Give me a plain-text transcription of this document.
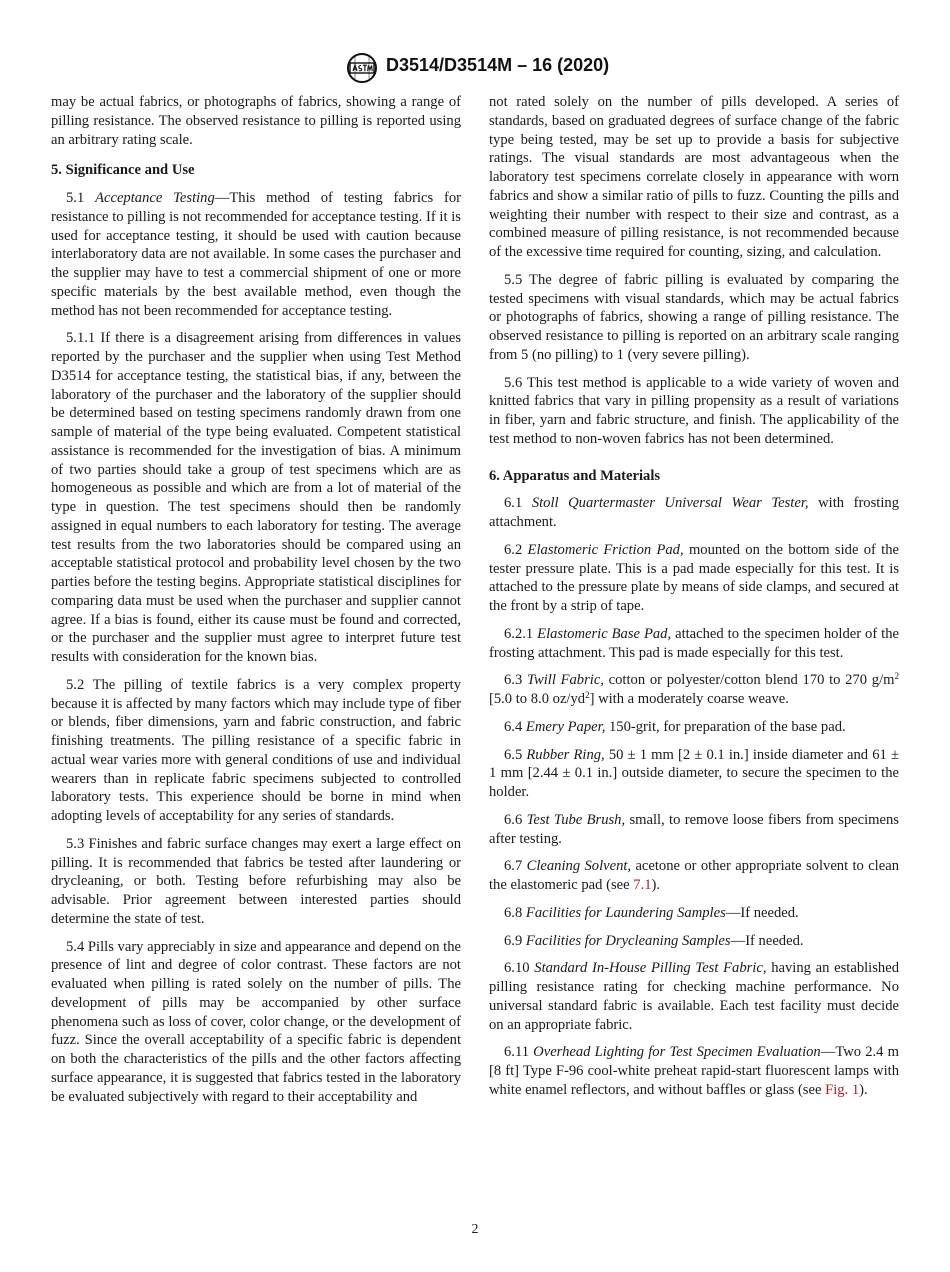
D3514/D3514M – 16 (2020)

may be actual fabrics, or photographs of fabrics, showing a range of pilling resistance. The observed resistance to pilling is reported using an arbitrary rating scale.

5. Significance and Use

5.1 Acceptance Testing—This method of testing fabrics for resistance to pilling is not recommended for acceptance testing. If it is used for acceptance testing, it should be used with caution because interlaboratory data are not available. In some cases the purchaser and the supplier may have to test a commercial shipment of one or more specific materials by the best available method, even though the method has not been recommended for acceptance testing.

5.1.1 If there is a disagreement arising from differences in values reported by the purchaser and the supplier when using Test Method D3514 for acceptance testing, the statistical bias, if any, between the laboratory of the purchaser and the laboratory of the supplier should be determined based on testing specimens randomly drawn from one sample of material of the type being evaluated. Competent statistical assistance is recommended for the investigation of bias. A minimum of two parties should take a group of test specimens which are as homogeneous as possible and which are from a lot of material of the type in question. The test specimens should then be randomly assigned in equal numbers to each laboratory for testing. The average test results from the two laboratories should be compared using an acceptable statistical protocol and probability level chosen by the two parties before the testing begins. Appropriate statistical disciplines for comparing data must be used when the purchaser and supplier cannot agree. If a bias is found, either its cause must be found and corrected, or the purchaser and the supplier must agree to interpret future test results with consideration for the known bias.

5.2 The pilling of textile fabrics is a very complex property because it is affected by many factors which may include type of fiber or blends, fiber dimensions, yarn and fabric construction, and fabric finishing treatments. The pilling resistance of a specific fabric in actual wear varies more with general conditions of use and individual wearers than in replicate fabric specimens subjected to controlled laboratory tests. This experience should be borne in mind when adopting levels of acceptability for any series of standards.

5.3 Finishes and fabric surface changes may exert a large effect on pilling. It is recommended that fabrics be tested after laundering or drycleaning, or both. Testing before refurbishing may also be advisable. Prior agreement between interested parties should determine the state of test.

5.4 Pills vary appreciably in size and appearance and depend on the presence of lint and degree of color contrast. These factors are not evaluated when pilling is rated solely on the number of pills. The development of pills may be accompanied by other surface phenomena such as loss of cover, color change, or the development of fuzz. Since the overall acceptability of a specific fabric is dependent on both the characteristics of the pills and the other factors affecting surface appearance, it is suggested that fabrics tested in the laboratory be evaluated subjectively with regard to their acceptability and

not rated solely on the number of pills developed. A series of standards, based on graduated degrees of surface change of the fabric type being tested, may be set up to provide a basis for subjective ratings. The visual standards are most advantageous when the laboratory test specimens correlate closely in appearance with worn fabrics and show a similar ratio of pills to fuzz. Counting the pills and weighting their number with respect to their size and contrast, as a combined measure of pilling resistance, is not recommended because of the excessive time required for counting, sizing, and calculation.

5.5 The degree of fabric pilling is evaluated by comparing the tested specimens with visual standards, which may be actual fabrics or photographs of fabrics, showing a range of pilling resistance. The observed resistance to pilling is reported on an arbitrary scale ranging from 5 (no pilling) to 1 (very severe pilling).

5.6 This test method is applicable to a wide variety of woven and knitted fabrics that vary in pilling propensity as a result of variations in fiber, yarn and fabric structure, and finish. The applicability of the test method to non-woven fabrics has not been determined.

6. Apparatus and Materials

6.1 Stoll Quartermaster Universal Wear Tester, with frosting attachment.

6.2 Elastomeric Friction Pad, mounted on the bottom side of the tester pressure plate. This is a pad made especially for this test. It is attached to the pressure plate by means of side clamps, and secured at the front by a strip of tape.

6.2.1 Elastomeric Base Pad, attached to the specimen holder of the frosting attachment. This pad is made especially for this test.

6.3 Twill Fabric, cotton or polyester/cotton blend 170 to 270 $g/m^2$ [5.0 to 8.0 $oz/yd^2$] with a moderately coarse weave.

6.4 Emery Paper, 150-grit, for preparation of the base pad.

6.5 Rubber Ring, 50 ± 1 mm [2 ± 0.1 in.] inside diameter and 61 ± 1 mm [2.44 ± 0.1 in.] outside diameter, to secure the specimen to the holder.

6.6 Test Tube Brush, small, to remove loose fibers from specimens after testing.

6.7 Cleaning Solvent, acetone or other appropriate solvent to clean the elastomeric pad (see 7.1).

6.8 Facilities for Laundering Samples—If needed.

6.9 Facilities for Drycleaning Samples—If needed.

6.10 Standard In-House Pilling Test Fabric, having an established pilling resistance rating for checking machine performance. No universal standard fabric is available. Each test facility must decide on an appropriate fabric.

6.11 Overhead Lighting for Test Specimen Evaluation—Two 2.4 m [8 ft] Type F-96 cool-white preheat rapid-start fluorescent lamps with white enamel reflectors, and without baffles or glass (see Fig. 1).

2
